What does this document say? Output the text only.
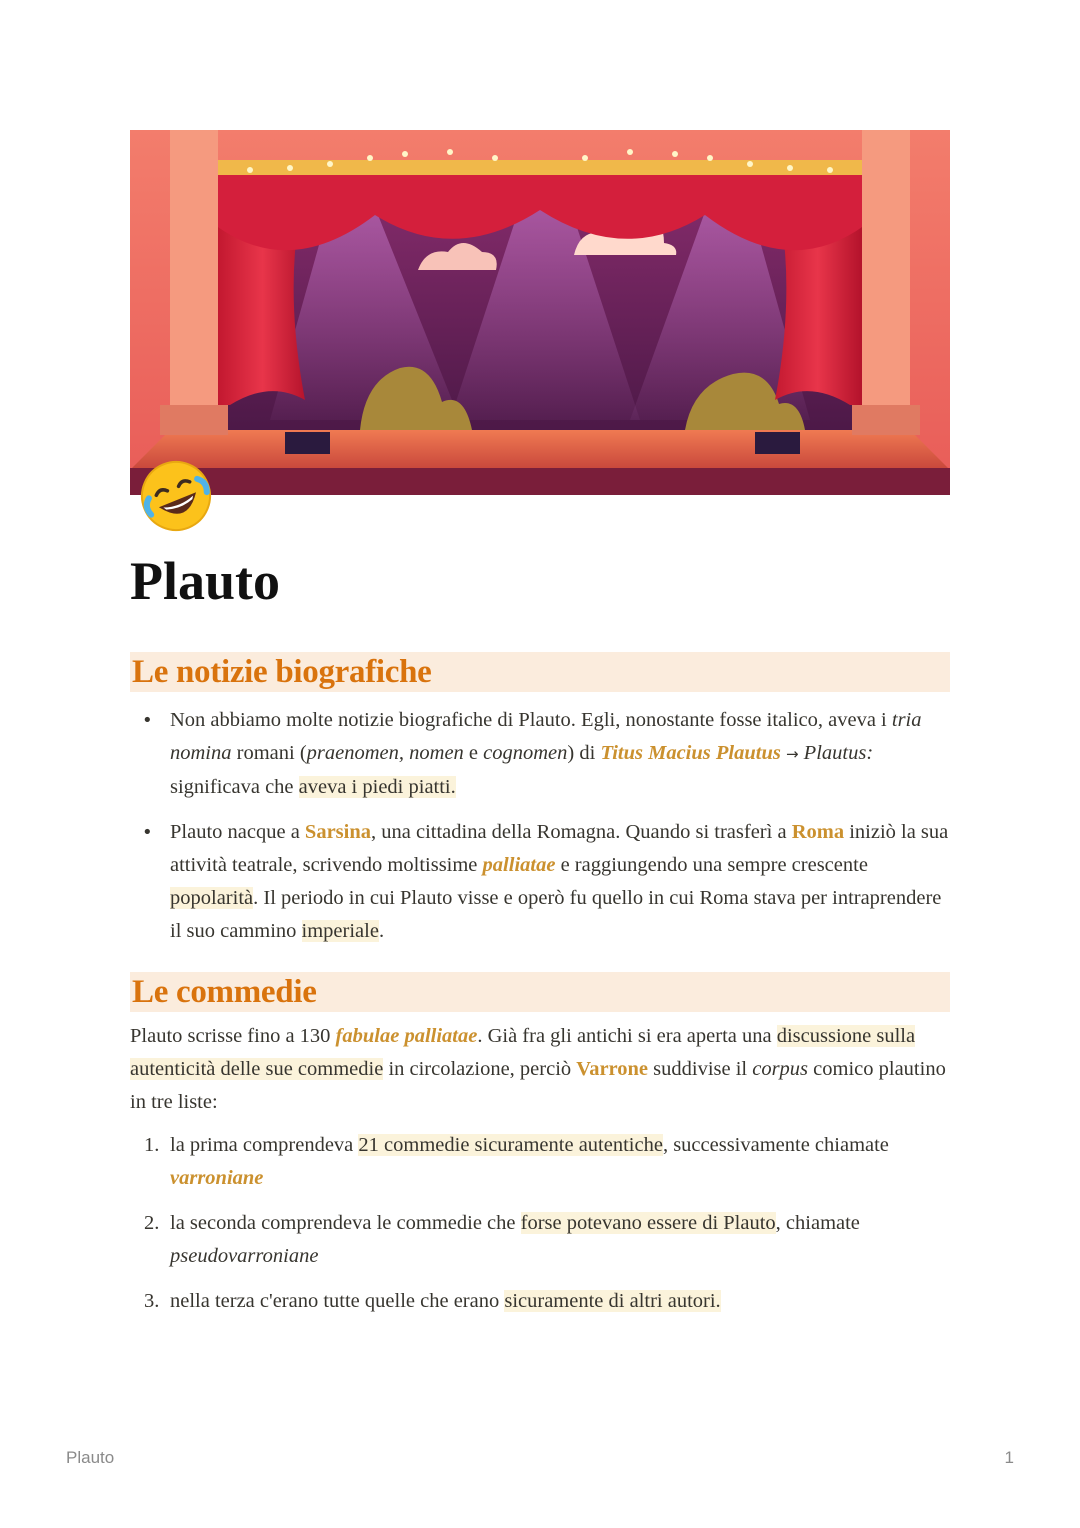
Plauto
Le notizie biografiche
• Non abbiamo molte notizie biografiche di Plauto. Egli, nonostante fosse italico, aveva i tria nomina romani (praenomen, nomen e cognomen) di Titus Macius Plautus → Plautus: significava che aveva i piedi piatti.
• Plauto nacque a Sarsina, una cittadina della Romagna. Quando si trasferì a Roma iniziò la sua attività teatrale, scrivendo moltissime palliatae e raggiungendo una sempre crescente popolarità. Il periodo in cui Plauto visse e operò fu quello in cui Roma stava per intraprendere il suo cammino imperiale.
Le commedie

Plauto scrisse fino a 130 fabulae palliatae. Già fra gli antichi si era aperta una discussione sulla autenticità delle sue commedie in circolazione, perciò Varrone suddivise il corpus comico plautino in tre liste:

1. la prima comprendeva 21 commedie sicuramente autentiche, successivamente chiamate varroniane
2. la seconda comprendeva le commedie che forse potevano essere di Plauto, chiamate pseudovarroniane
3. nella terza c'erano tutte quelle che erano sicuramente di altri autori.
Plauto	1
